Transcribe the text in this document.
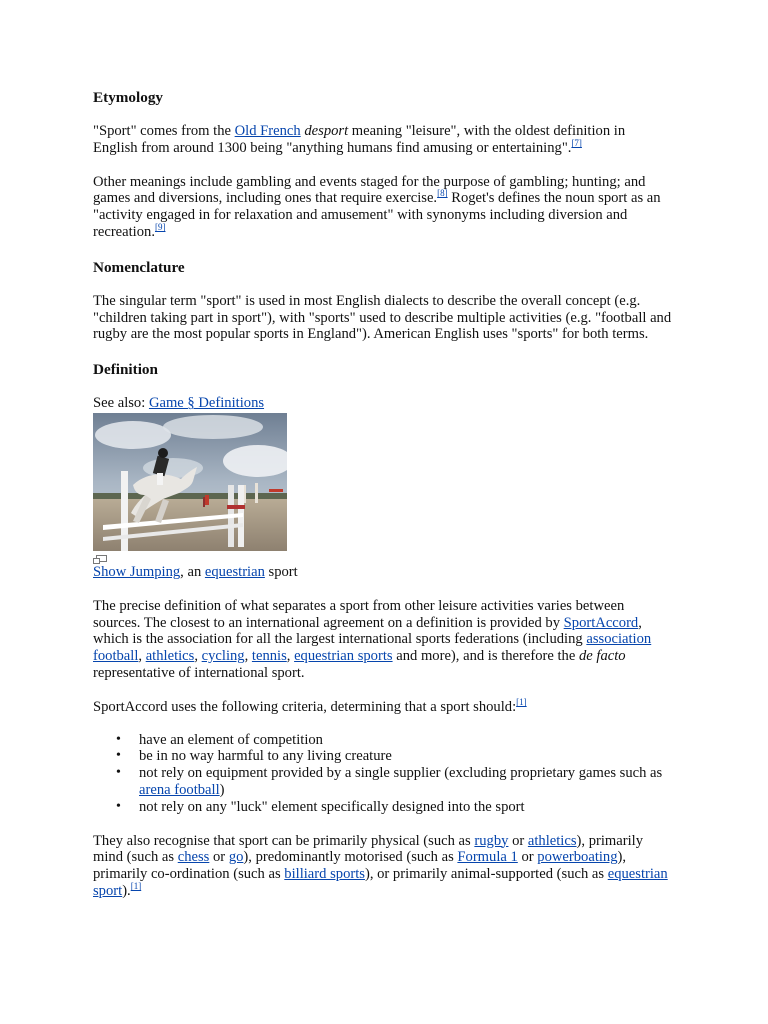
Etymology

"Sport" comes from the Old French desport meaning "leisure", with the oldest definition in English from around 1300 being "anything humans find amusing or entertaining".[7]

Other meanings include gambling and events staged for the purpose of gambling; hunting; and games and diversions, including ones that require exercise.[8] Roget's defines the noun sport as an "activity engaged in for relaxation and amusement" with synonyms including diversion and recreation.[9]

Nomenclature

The singular term "sport" is used in most English dialects to describe the overall concept (e.g. "children taking part in sport"), with "sports" used to describe multiple activities (e.g. "football and rugby are the most popular sports in England"). American English uses "sports" for both terms.

Definition

See also: Game § Definitions

Show Jumping, an equestrian sport

The precise definition of what separates a sport from other leisure activities varies between sources. The closest to an international agreement on a definition is provided by SportAccord, which is the association for all the largest international sports federations (including association football, athletics, cycling, tennis, equestrian sports and more), and is therefore the de facto representative of international sport.

SportAccord uses the following criteria, determining that a sport should:[1]

• have an element of competition
• be in no way harmful to any living creature
• not rely on equipment provided by a single supplier (excluding proprietary games such as arena football)
• not rely on any "luck" element specifically designed into the sport

They also recognise that sport can be primarily physical (such as rugby or athletics), primarily mind (such as chess or go), predominantly motorised (such as Formula 1 or powerboating), primarily co-ordination (such as billiard sports), or primarily animal-supported (such as equestrian sport).[1]
